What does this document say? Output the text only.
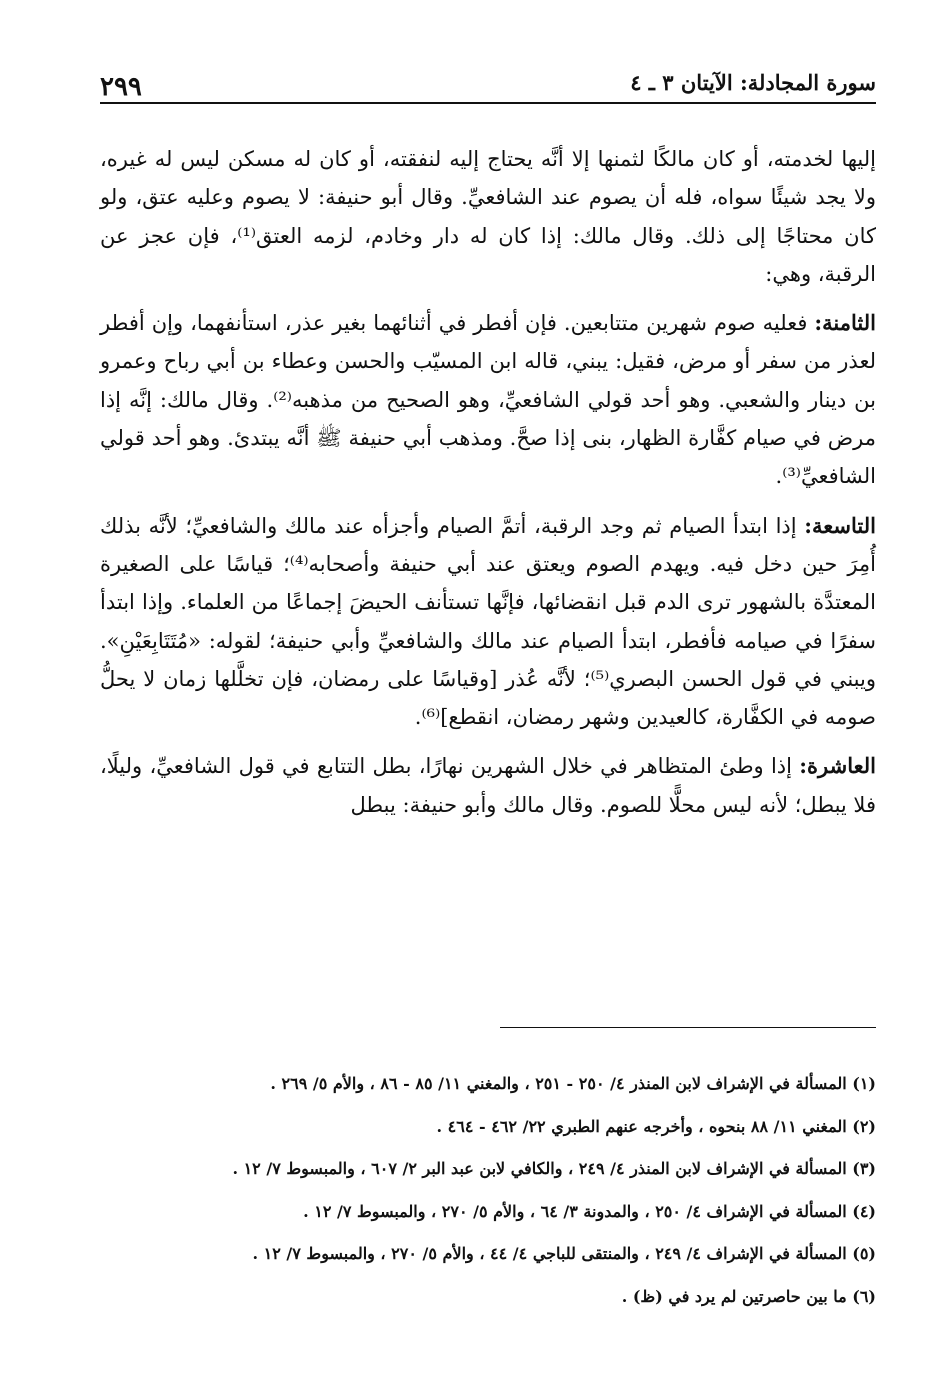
٢٩٩	سورة المجادلة: الآيتان ٣ ـ ٤

إليها لخدمته، أو كان مالكًا لثمنها إلا أنَّه يحتاج إليه لنفقته، أو كان له مسكن ليس له غيره، ولا يجد شيئًا سواه، فله أن يصوم عند الشافعيِّ. وقال أبو حنيفة: لا يصوم وعليه عتق، ولو كان محتاجًا إلى ذلك. وقال مالك: إذا كان له دار وخادم، لزمه العتق⁽¹⁾، فإن عجز عن الرقبة، وهي:

الثامنة: فعليه صوم شهرين متتابعين. فإن أفطر في أثنائهما بغير عذر، استأنفهما، وإن أفطر لعذر من سفر أو مرض، فقيل: يبني، قاله ابن المسيّب والحسن وعطاء بن أبي رباح وعمرو بن دينار والشعبي. وهو أحد قولي الشافعيِّ، وهو الصحيح من مذهبه⁽²⁾. وقال مالك: إنَّه إذا مرض في صيام كفَّارة الظهار، بنى إذا صحَّ. ومذهب أبي حنيفة ﷺ أنَّه يبتدئ. وهو أحد قولي الشافعيِّ⁽³⁾.

التاسعة: إذا ابتدأ الصيام ثم وجد الرقبة، أتمَّ الصيام وأجزأه عند مالك والشافعيِّ؛ لأنَّه بذلك أُمِرَ حين دخل فيه. ويهدم الصوم ويعتق عند أبي حنيفة وأصحابه⁽⁴⁾؛ قياسًا على الصغيرة المعتدَّة بالشهور ترى الدم قبل انقضائها، فإنَّها تستأنف الحيضَ إجماعًا من العلماء. وإذا ابتدأ سفرًا في صيامه فأفطر، ابتدأ الصيام عند مالك والشافعيِّ وأبي حنيفة؛ لقوله: «مُتَتَابِعَيْنِ». ويبني في قول الحسن البصري⁽⁵⁾؛ لأنَّه عُذر [وقياسًا على رمضان، فإن تخلَّلها زمان لا يحلُّ صومه في الكفَّارة، كالعيدين وشهر رمضان، انقطع]⁽⁶⁾.

العاشرة: إذا وطئ المتظاهر في خلال الشهرين نهارًا، بطل التتابع في قول الشافعيِّ، وليلًا، فلا يبطل؛ لأنه ليس محلًّا للصوم. وقال مالك وأبو حنيفة: يبطل

(١) المسألة في الإشراف لابن المنذر ٤/ ٢٥٠ - ٢٥١ ، والمغني ١١/ ٨٥ - ٨٦ ، والأم ٥/ ٢٦٩ .

(٢) المغني ١١/ ٨٨ بنحوه ، وأخرجه عنهم الطبري ٢٢/ ٤٦٢ - ٤٦٤ .

(٣) المسألة في الإشراف لابن المنذر ٤/ ٢٤٩ ، والكافي لابن عبد البر ٢/ ٦٠٧ ، والمبسوط ٧/ ١٢ .

(٤) المسألة في الإشراف ٤/ ٢٥٠ ، والمدونة ٣/ ٦٤ ، والأم ٥/ ٢٧٠ ، والمبسوط ٧/ ١٢ .

(٥) المسألة في الإشراف ٤/ ٢٤٩ ، والمنتقى للباجي ٤/ ٤٤ ، والأم ٥/ ٢٧٠ ، والمبسوط ٧/ ١٢ .

(٦) ما بين حاصرتين لم يرد في (ظ) .
